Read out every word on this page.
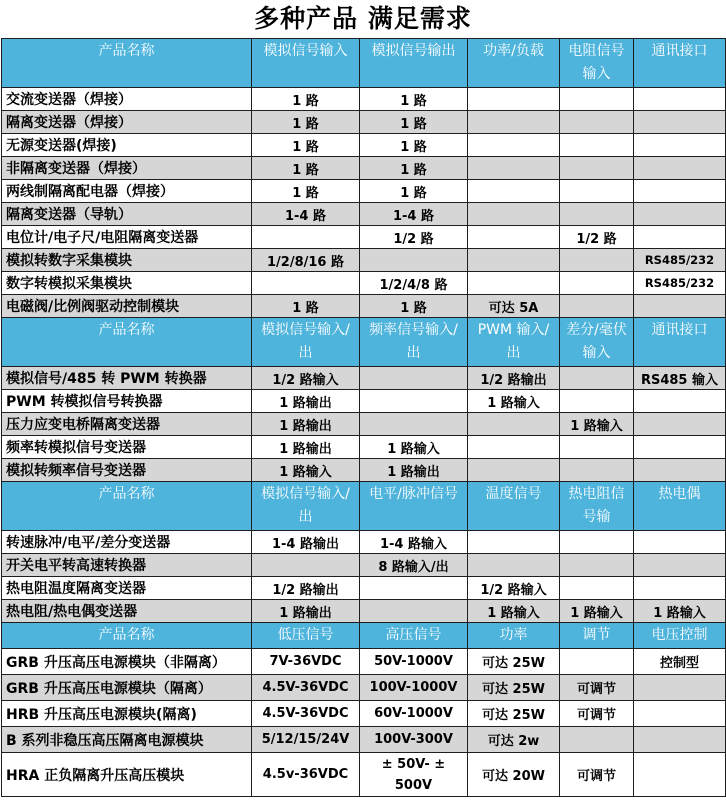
多种产品 满足需求
产品名称	模拟信号输入	模拟信号输出	功率/负载	电阻信号输入	通讯接口
交流变送器（焊接）	1 路	1 路			
隔离变送器（焊接）	1 路	1 路			
无源变送器(焊接)	1 路	1 路			
非隔离变送器（焊接）	1 路	1 路			
两线制隔离配电器（焊接）	1 路	1 路			
隔离变送器（导轨）	1-4 路	1-4 路			
电位计/电子尺/电阻隔离变送器		1/2 路		1/2 路	
模拟转数字采集模块	1/2/8/16 路				RS485/232
数字转模拟采集模块		1/2/4/8 路			RS485/232
电磁阀/比例阀驱动控制模块	1 路	1 路	可达 5A		
产品名称	模拟信号输入/出	频率信号输入/出	PWM 输入/出	差分/毫伏输入	通讯接口
模拟信号/485 转 PWM 转换器	1/2 路输入		1/2 路输出		RS485 输入
PWM 转模拟信号转换器	1 路输出		1 路输入		
压力应变电桥隔离变送器	1 路输出			1 路输入	
频率转模拟信号变送器	1 路输出	1 路输入			
模拟转频率信号变送器	1 路输入	1 路输出			
产品名称	模拟信号输入/出	电平/脉冲信号	温度信号	热电阻信号输	热电偶
转速脉冲/电平/差分变送器	1-4 路输出	1-4 路输入			
开关电平转高速转换器		8 路输入/出			
热电阻温度隔离变送器	1/2 路输出		1/2 路输入		
热电阻/热电偶变送器	1 路输出		1 路输入	1 路输入	1 路输入
产品名称	低压信号	高压信号	功率	调节	电压控制
GRB 升压高压电源模块（非隔离）	7V-36VDC	50V-1000V	可达 25W		控制型
GRB 升压高压电源模块（隔离）	4.5V-36VDC	100V-1000V	可达 25W	可调节	
HRB 升压高压电源模块(隔离)	4.5V-36VDC	60V-1000V	可达 25W	可调节	
B 系列非稳压高压隔离电源模块	5/12/15/24V	100V-300V	可达 2w		
HRA 正负隔离升压高压模块	4.5v-36VDC	± 50V- ± 500V	可达 20W	可调节	
